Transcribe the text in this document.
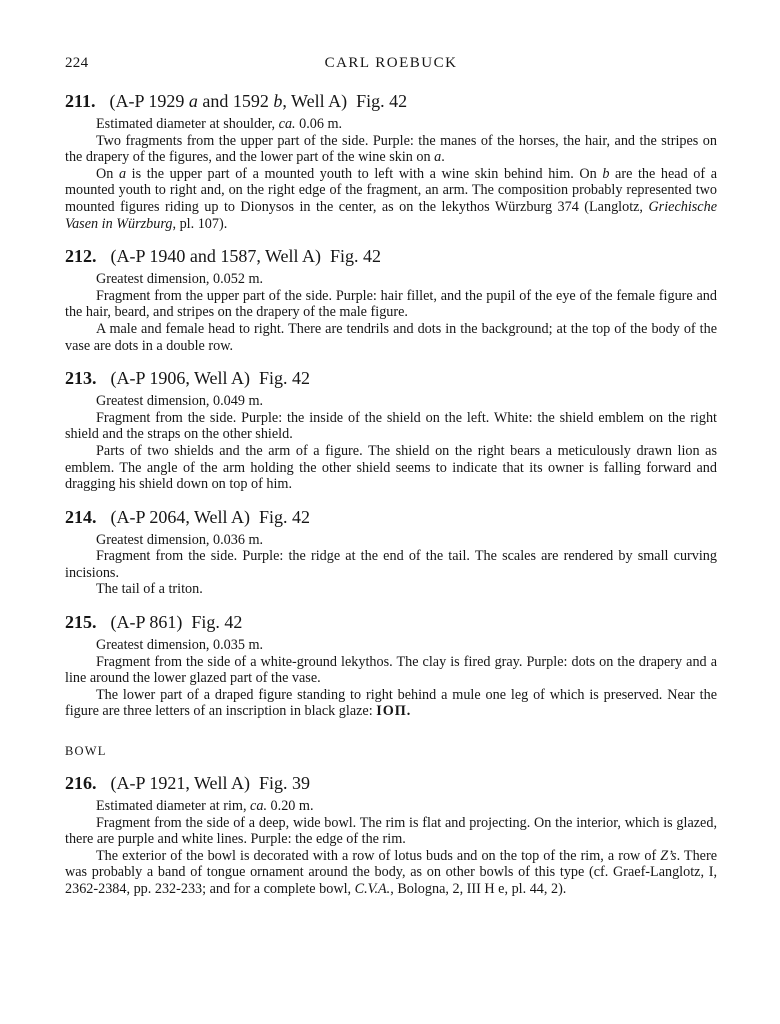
224	CARL ROEBUCK
211. (A-P 1929 a and 1592 b, Well A) Fig. 42

Estimated diameter at shoulder, ca. 0.06 m.

Two fragments from the upper part of the side. Purple: the manes of the horses, the hair, and the stripes on the drapery of the figures, and the lower part of the wine skin on a.

On a is the upper part of a mounted youth to left with a wine skin behind him. On b are the head of a mounted youth to right and, on the right edge of the fragment, an arm. The composition probably represented two mounted figures riding up to Dionysos in the center, as on the lekythos Würzburg 374 (Langlotz, Griechische Vasen in Würzburg, pl. 107).

212. (A-P 1940 and 1587, Well A) Fig. 42

Greatest dimension, 0.052 m.

Fragment from the upper part of the side. Purple: hair fillet, and the pupil of the eye of the female figure and the hair, beard, and stripes on the drapery of the male figure.

A male and female head to right. There are tendrils and dots in the background; at the top of the body of the vase are dots in a double row.

213. (A-P 1906, Well A) Fig. 42

Greatest dimension, 0.049 m.

Fragment from the side. Purple: the inside of the shield on the left. White: the shield emblem on the right shield and the straps on the other shield.

Parts of two shields and the arm of a figure. The shield on the right bears a meticulously drawn lion as emblem. The angle of the arm holding the other shield seems to indicate that its owner is falling forward and dragging his shield down on top of him.

214. (A-P 2064, Well A) Fig. 42

Greatest dimension, 0.036 m.

Fragment from the side. Purple: the ridge at the end of the tail. The scales are rendered by small curving incisions.

The tail of a triton.

215. (A-P 861) Fig. 42

Greatest dimension, 0.035 m.

Fragment from the side of a white-ground lekythos. The clay is fired gray. Purple: dots on the drapery and a line around the lower glazed part of the vase.

The lower part of a draped figure standing to right behind a mule one leg of which is preserved. Near the figure are three letters of an inscription in black glaze: ΙΟΠ.

BOWL
216. (A-P 1921, Well A) Fig. 39

Estimated diameter at rim, ca. 0.20 m.

Fragment from the side of a deep, wide bowl. The rim is flat and projecting. On the interior, which is glazed, there are purple and white lines. Purple: the edge of the rim.

The exterior of the bowl is decorated with a row of lotus buds and on the top of the rim, a row of Z’s. There was probably a band of tongue ornament around the body, as on other bowls of this type (cf. Graef-Langlotz, I, 2362-2384, pp. 232-233; and for a complete bowl, C.V.A., Bologna, 2, III H e, pl. 44, 2).
